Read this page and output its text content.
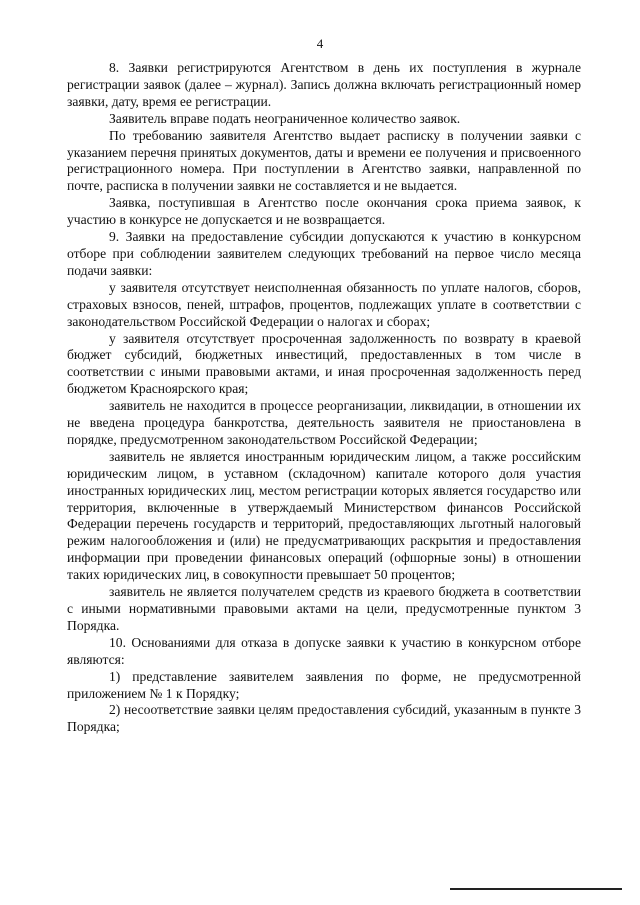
4

8. Заявки регистрируются Агентством в день их поступления в журнале регистрации заявок (далее – журнал). Запись должна включать регистрационный номер заявки, дату, время ее регистрации.

Заявитель вправе подать неограниченное количество заявок.

По требованию заявителя Агентство выдает расписку в получении заявки с указанием перечня принятых документов, даты и времени ее получения и присвоенного регистрационного номера. При поступлении в Агентство заявки, направленной по почте, расписка в получении заявки не составляется и не выдается.

Заявка, поступившая в Агентство после окончания срока приема заявок, к участию в конкурсе не допускается и не возвращается.

9. Заявки на предоставление субсидии допускаются к участию в конкурсном отборе при соблюдении заявителем следующих требований на первое число месяца подачи заявки:

у заявителя отсутствует неисполненная обязанность по уплате налогов, сборов, страховых взносов, пеней, штрафов, процентов, подлежащих уплате в соответствии с законодательством Российской Федерации о налогах и сборах;

у заявителя отсутствует просроченная задолженность по возврату в краевой бюджет субсидий, бюджетных инвестиций, предоставленных в том числе в соответствии с иными правовыми актами, и иная просроченная задолженность перед бюджетом Красноярского края;

заявитель не находится в процессе реорганизации, ликвидации, в отношении их не введена процедура банкротства, деятельность заявителя не приостановлена в порядке, предусмотренном законодательством Российской Федерации;

заявитель не является иностранным юридическим лицом, а также российским юридическим лицом, в уставном (складочном) капитале которого доля участия иностранных юридических лиц, местом регистрации которых является государство или территория, включенные в утверждаемый Министерством финансов Российской Федерации перечень государств и территорий, предоставляющих льготный налоговый режим налогообложения и (или) не предусматривающих раскрытия и предоставления информации при проведении финансовых операций (офшорные зоны) в отношении таких юридических лиц, в совокупности превышает 50 процентов;

заявитель не является получателем средств из краевого бюджета в соответствии с иными нормативными правовыми актами на цели, предусмотренные пунктом 3 Порядка.

10. Основаниями для отказа в допуске заявки к участию в конкурсном отборе являются:

1) представление заявителем заявления по форме, не предусмотренной приложением № 1 к Порядку;

2) несоответствие заявки целям предоставления субсидий, указанным в пункте 3 Порядка;
